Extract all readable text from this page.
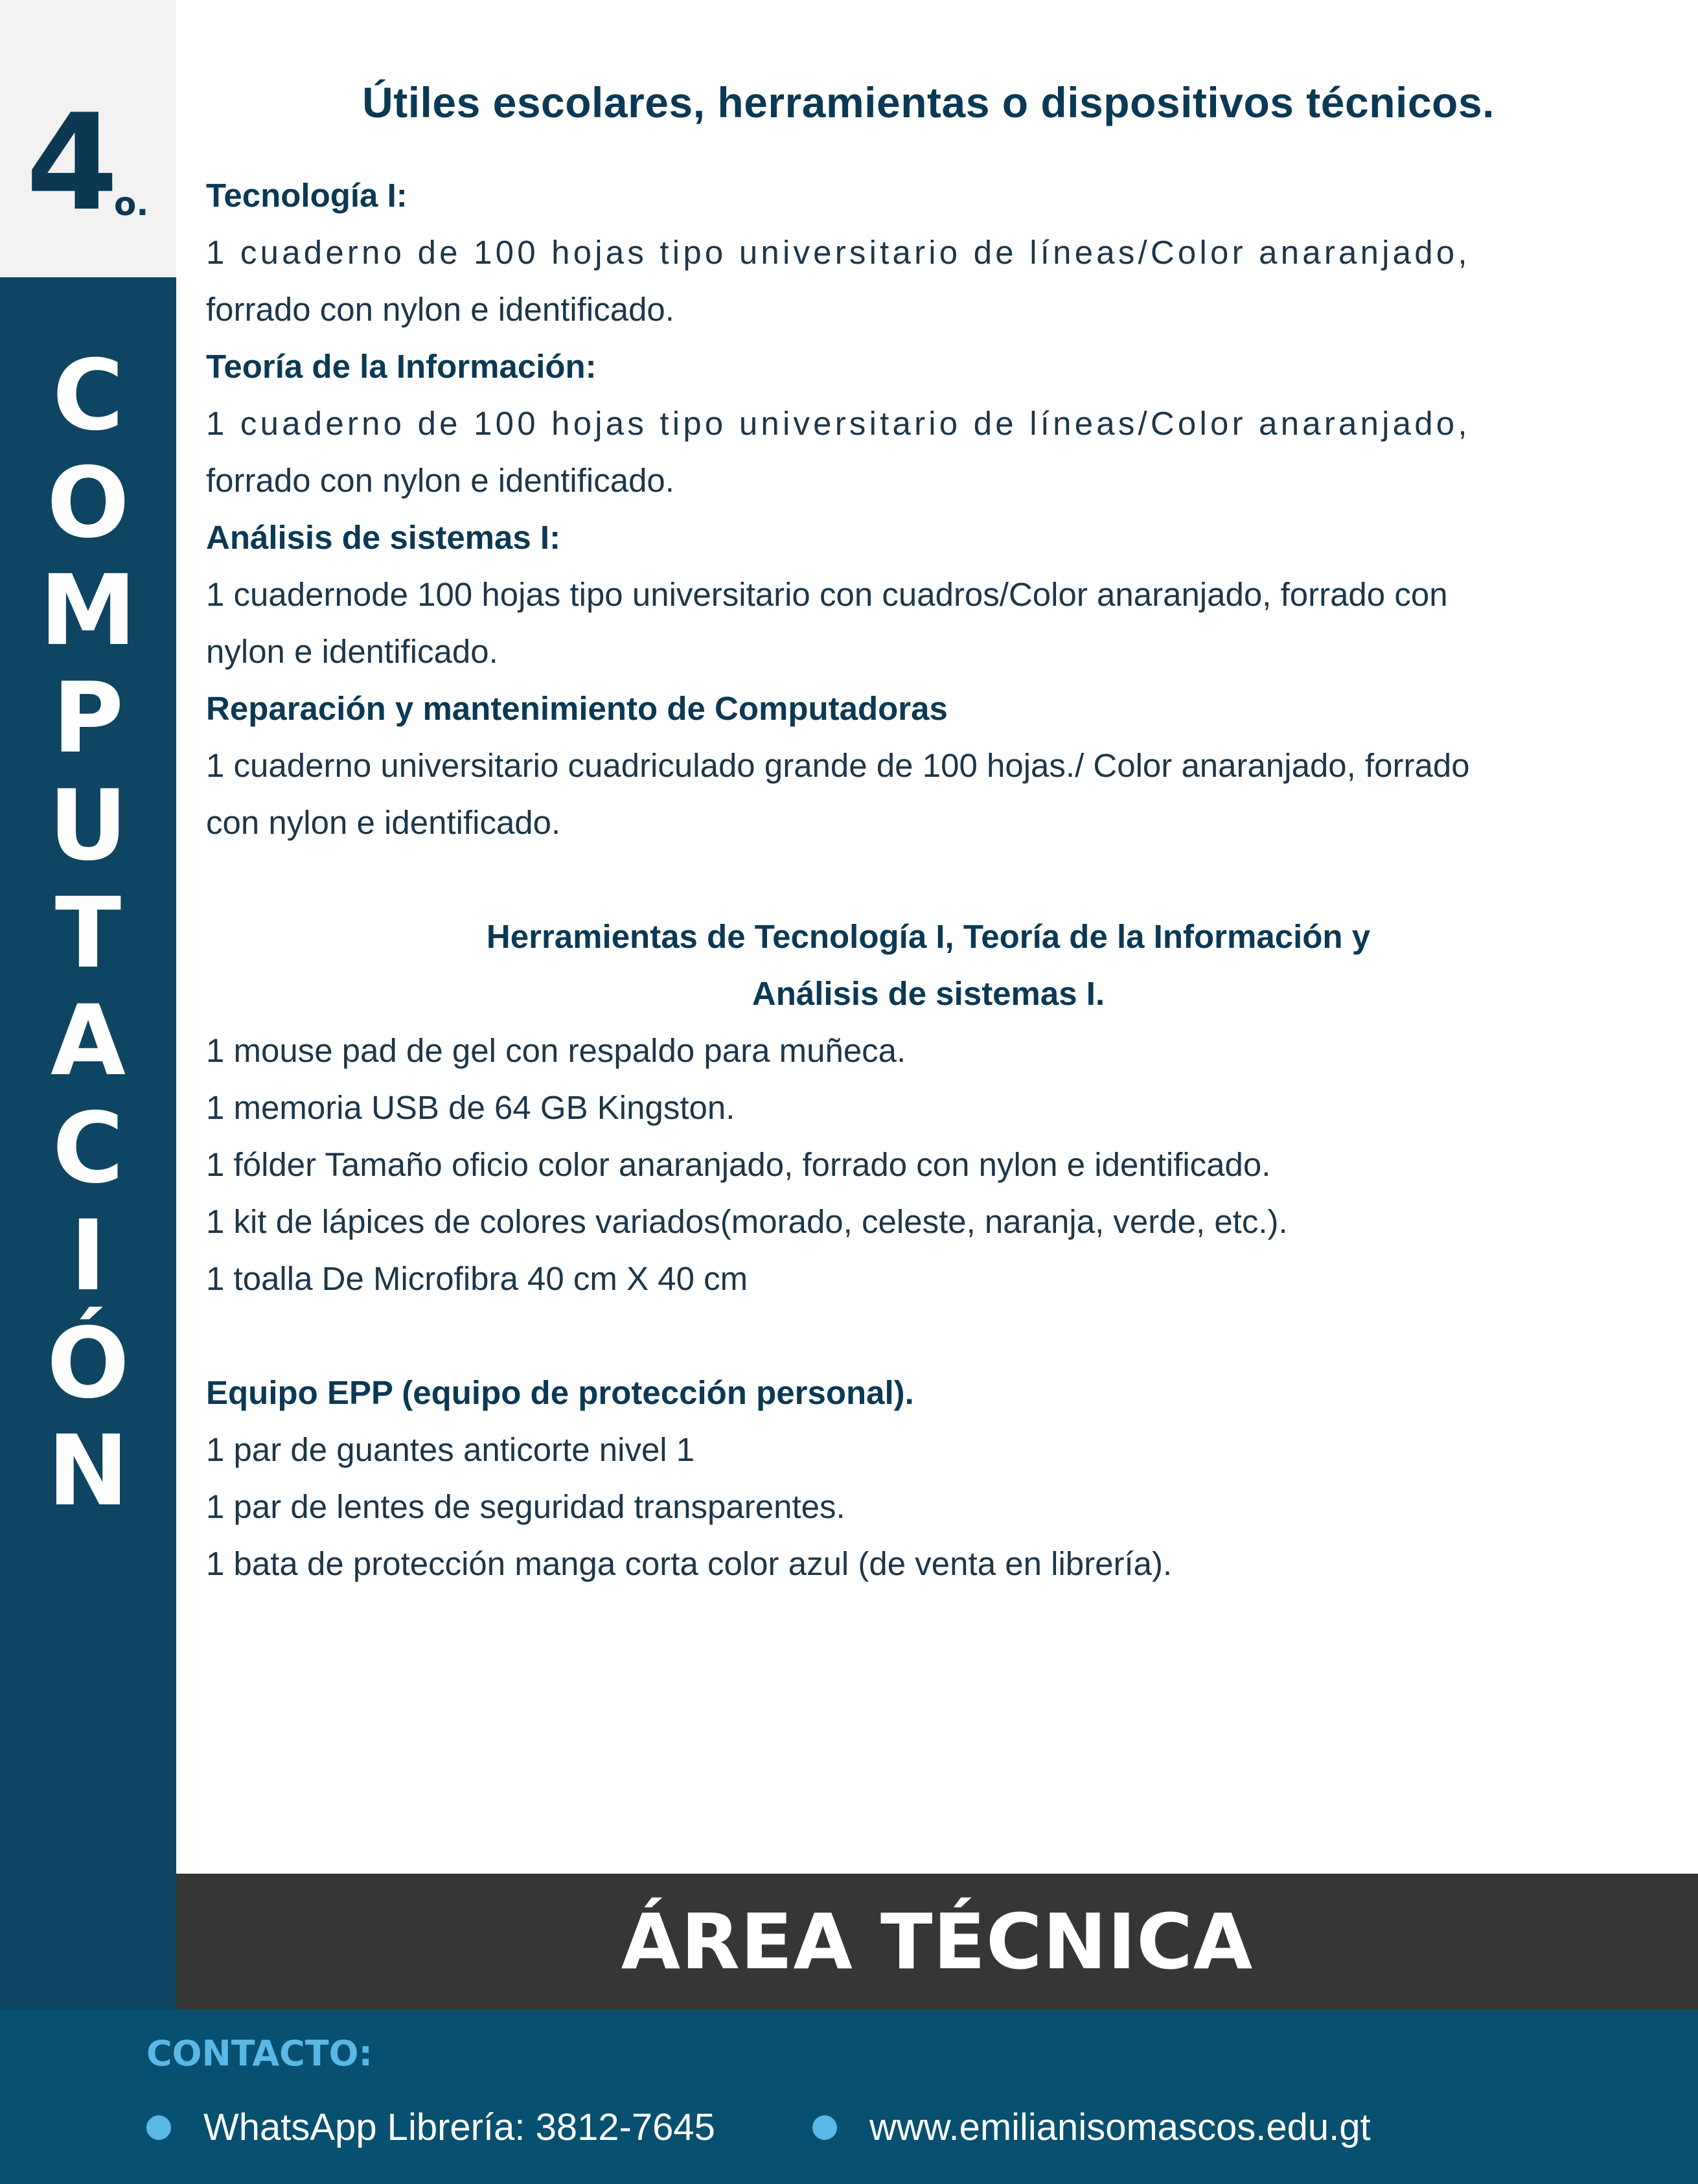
4
o.
C
O
M
P
U
T
A
C
I
Ó
N
Útiles escolares, herramientas o dispositivos técnicos.
Tecnología I:
1 cuaderno de 100 hojas tipo universitario de líneas/Color anaranjado,
forrado con nylon e identificado.
Teoría de la Información:
1 cuaderno de 100 hojas tipo universitario de líneas/Color anaranjado,
forrado con nylon e identificado.
Análisis de sistemas I:
1 cuadernode 100 hojas tipo universitario con cuadros/Color anaranjado, forrado con
nylon e identificado.
Reparación y mantenimiento de Computadoras
1 cuaderno universitario cuadriculado grande de 100 hojas./ Color anaranjado, forrado
con nylon e identificado.
Herramientas de Tecnología I, Teoría de la Información y
Análisis de sistemas I.
1 mouse pad de gel con respaldo para muñeca.
1 memoria USB de 64 GB Kingston.
1 fólder Tamaño oficio color anaranjado, forrado con nylon e identificado.
1 kit de lápices de colores variados(morado, celeste, naranja, verde, etc.).
1 toalla De Microfibra 40 cm X 40 cm
Equipo EPP (equipo de protección personal).
1 par de guantes anticorte nivel 1
1 par de lentes de seguridad transparentes.
1 bata de protección manga corta color azul (de venta en librería).
ÁREA TÉCNICA
CONTACTO:
WhatsApp Librería: 3812-7645	www.emilianisomascos.edu.gt
